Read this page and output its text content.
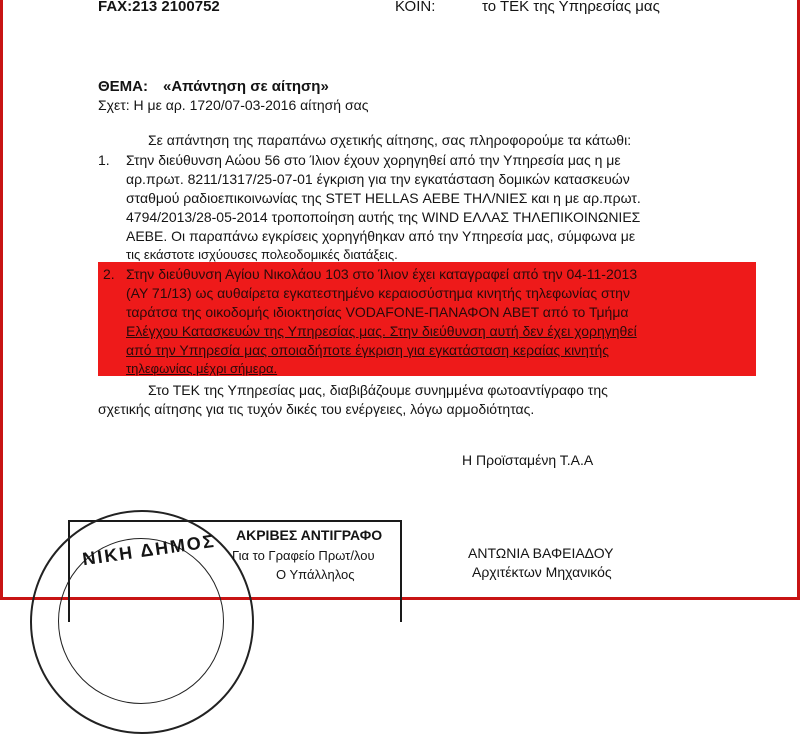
FAX:213 2100752	ΚΟΙΝ:	το ΤΕΚ της Υπηρεσίας μας
ΘΕΜΑ: «Απάντηση σε αίτηση»
Σχετ: Η με αρ. 1720/07-03-2016 αίτησή σας
Σε απάντηση της παραπάνω σχετικής αίτησης, σας πληροφορούμε τα κάτωθι:
1. Στην διεύθυνση Αώου 56 στο Ίλιον έχουν χορηγηθεί από την Υπηρεσία μας η με
αρ.πρωτ. 8211/1317/25-07-01 έγκριση για την εγκατάσταση δομικών κατασκευών
σταθμού ραδιοεπικοινωνίας της STET HELLAS ΑΕΒΕ ΤΗΛ/ΝΙΕΣ και η με αρ.πρωτ.
4794/2013/28-05-2014 τροποποίηση αυτής της WIND ΕΛΛΑΣ ΤΗΛΕΠΙΚΟΙΝΩΝΙΕΣ
ΑΕΒΕ. Οι παραπάνω εγκρίσεις χορηγήθηκαν από την Υπηρεσία μας, σύμφωνα με
τις εκάστοτε ισχύουσες πολεοδομικές διατάξεις.
2. Στην διεύθυνση Αγίου Νικολάου 103 στο Ίλιον έχει καταγραφεί από την 04-11-2013
(ΑΥ 71/13) ως αυθαίρετα εγκατεστημένο κεραιοσύστημα κινητής τηλεφωνίας στην
ταράτσα της οικοδομής ιδιοκτησίας VODAFONE-ΠΑΝΑΦΟΝ ΑΒΕΤ από το Τμήμα
Ελέγχου Κατασκευών της Υπηρεσίας μας. Στην διεύθυνση αυτή δεν έχει χορηγηθεί
από την Υπηρεσία μας οποιαδήποτε έγκριση για εγκατάσταση κεραίας κινητής
τηλεφωνίας μέχρι σήμερα.
Στο ΤΕΚ της Υπηρεσίας μας, διαβιβάζουμε συνημμένα φωτοαντίγραφο της
σχετικής αίτησης για τις τυχόν δικές του ενέργειες, λόγω αρμοδιότητας.
Η Προϊσταμένη Τ.Α.Α
ΑΝΤΩΝΙΑ ΒΑΦΕΙΑΔΟΥ
Αρχιτέκτων Μηχανικός
ΝΙΚΗ ΔΗΜΟΣ ΑΚΡΙΒΕΣ ΑΝΤΙΓΡΑΦΟ
Για το Γραφείο Πρωτ/λου
Ο Υπάλληλος
